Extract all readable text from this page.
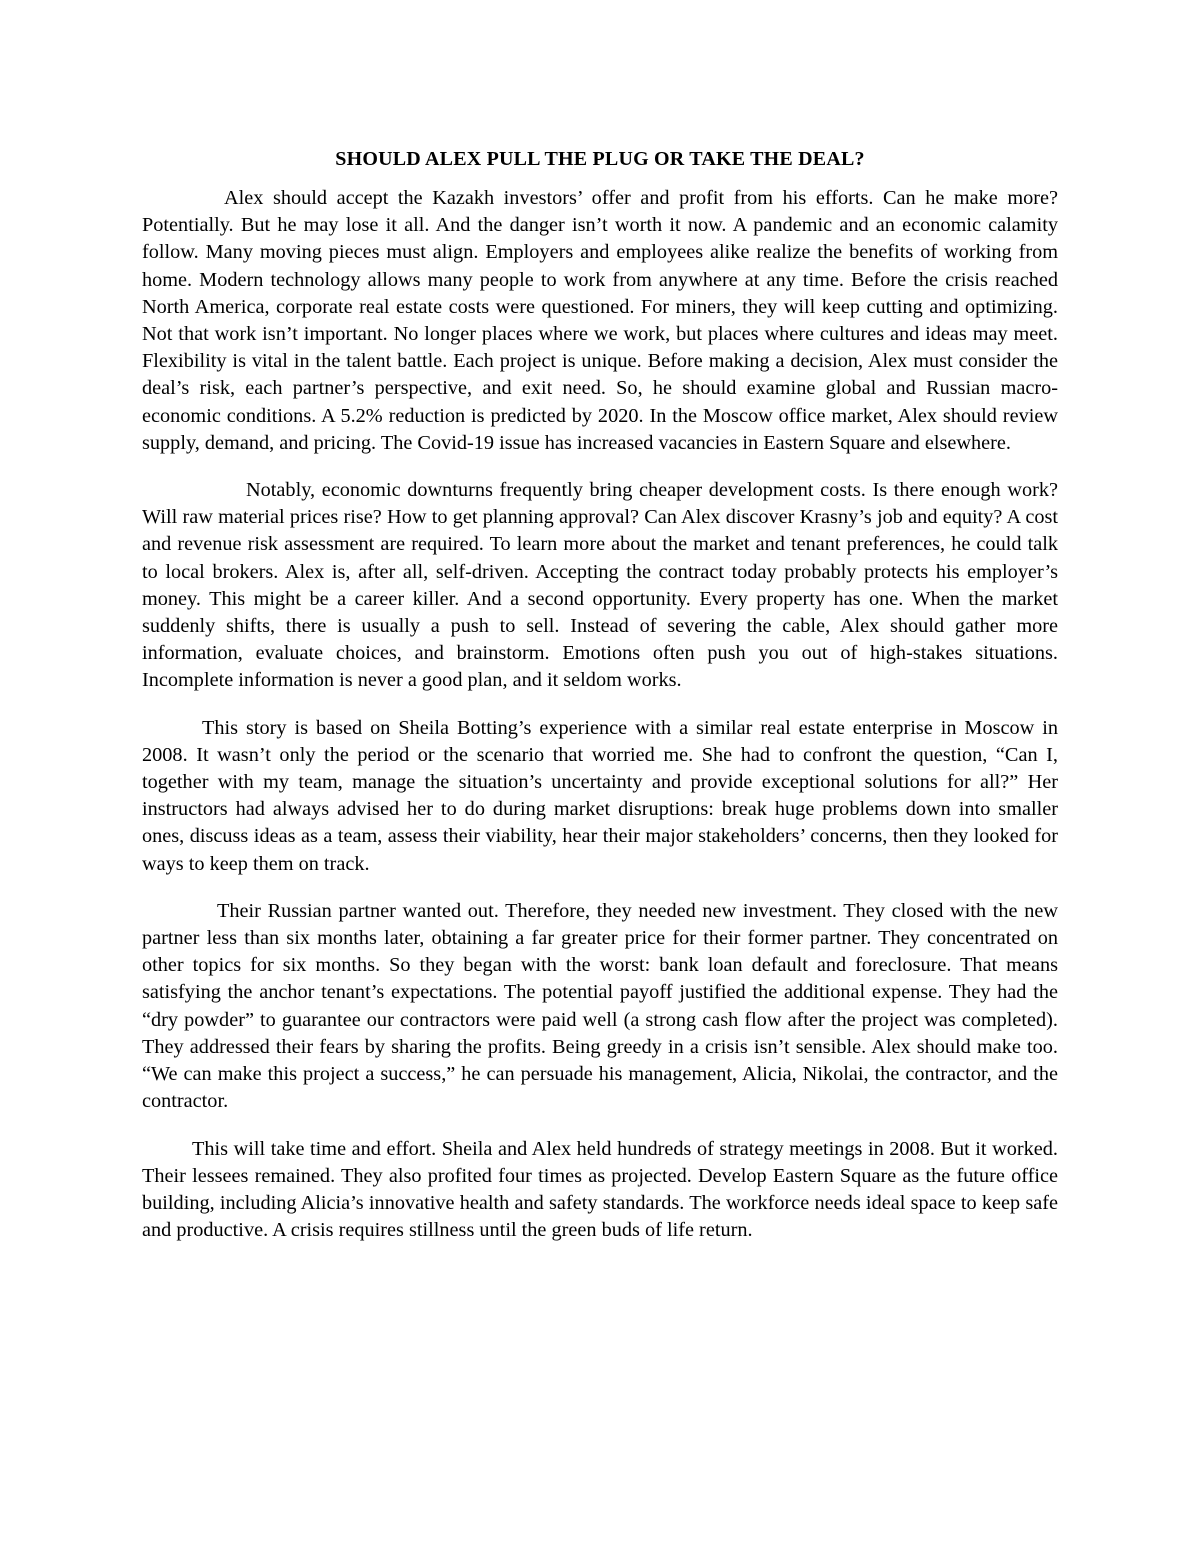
SHOULD ALEX PULL THE PLUG OR TAKE THE DEAL?

Alex should accept the Kazakh investors’ offer and profit from his efforts. Can he make more? Potentially. But he may lose it all. And the danger isn’t worth it now. A pandemic and an economic calamity follow. Many moving pieces must align. Employers and employees alike realize the benefits of working from home. Modern technology allows many people to work from anywhere at any time. Before the crisis reached North America, corporate real estate costs were questioned. For miners, they will keep cutting and optimizing. Not that work isn’t important. No longer places where we work, but places where cultures and ideas may meet. Flexibility is vital in the talent battle. Each project is unique. Before making a decision, Alex must consider the deal’s risk, each partner’s perspective, and exit need. So, he should examine global and Russian macro-economic conditions. A 5.2% reduction is predicted by 2020. In the Moscow office market, Alex should review supply, demand, and pricing. The Covid-19 issue has increased vacancies in Eastern Square and elsewhere.

Notably, economic downturns frequently bring cheaper development costs. Is there enough work? Will raw material prices rise? How to get planning approval? Can Alex discover Krasny’s job and equity? A cost and revenue risk assessment are required. To learn more about the market and tenant preferences, he could talk to local brokers. Alex is, after all, self-driven. Accepting the contract today probably protects his employer’s money. This might be a career killer. And a second opportunity. Every property has one. When the market suddenly shifts, there is usually a push to sell. Instead of severing the cable, Alex should gather more information, evaluate choices, and brainstorm. Emotions often push you out of high-stakes situations. Incomplete information is never a good plan, and it seldom works.

This story is based on Sheila Botting’s experience with a similar real estate enterprise in Moscow in 2008. It wasn’t only the period or the scenario that worried me. She had to confront the question, “Can I, together with my team, manage the situation’s uncertainty and provide exceptional solutions for all?” Her instructors had always advised her to do during market disruptions: break huge problems down into smaller ones, discuss ideas as a team, assess their viability, hear their major stakeholders’ concerns, then they looked for ways to keep them on track.

Their Russian partner wanted out. Therefore, they needed new investment. They closed with the new partner less than six months later, obtaining a far greater price for their former partner. They concentrated on other topics for six months. So they began with the worst: bank loan default and foreclosure. That means satisfying the anchor tenant’s expectations. The potential payoff justified the additional expense. They had the “dry powder” to guarantee our contractors were paid well (a strong cash flow after the project was completed). They addressed their fears by sharing the profits. Being greedy in a crisis isn’t sensible. Alex should make too. “We can make this project a success,” he can persuade his management, Alicia, Nikolai, the contractor, and the contractor.

This will take time and effort. Sheila and Alex held hundreds of strategy meetings in 2008. But it worked. Their lessees remained. They also profited four times as projected. Develop Eastern Square as the future office building, including Alicia’s innovative health and safety standards. The workforce needs ideal space to keep safe and productive. A crisis requires stillness until the green buds of life return.
